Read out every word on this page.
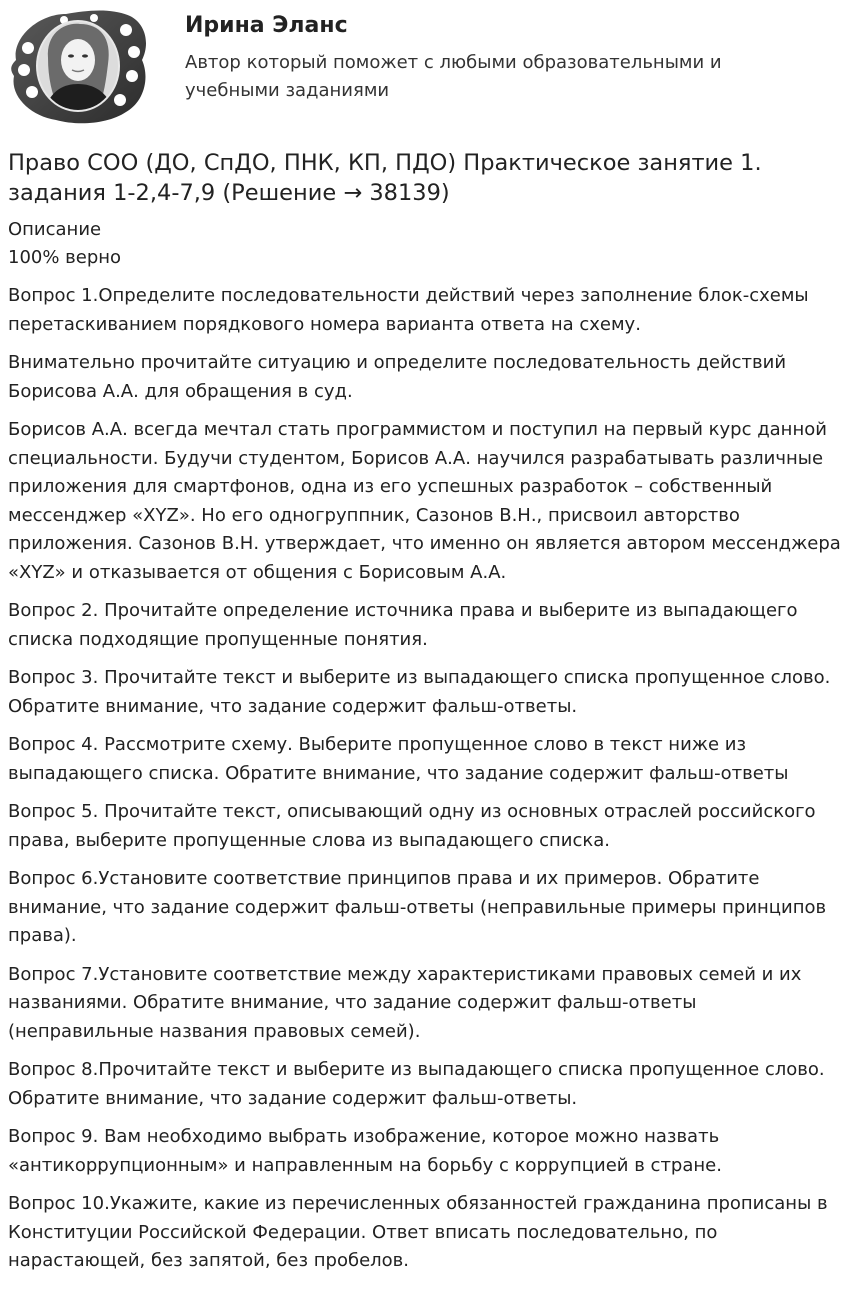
Ирина Эланс

Автор который поможет с любыми образовательными и учебными заданиями

Право СОО (ДО, СпДО, ПНК, КП, ПДО) Практическое занятие 1. задания 1-2,4-7,9 (Решение → 38139)
Описание
100% верно

Вопрос 1.Определите последовательности действий через заполнение блок-схемы перетаскиванием порядкового номера варианта ответа на схему.

Внимательно прочитайте ситуацию и определите последовательность действий Борисова А.А. для обращения в суд.

Борисов А.А. всегда мечтал стать программистом и поступил на первый курс данной специальности. Будучи студентом, Борисов А.А. научился разрабатывать различные приложения для смартфонов, одна из его успешных разработок – собственный мессенджер «XYZ». Но его одногруппник, Сазонов В.Н., присвоил авторство приложения. Сазонов В.Н. утверждает, что именно он является автором мессенджера «XYZ» и отказывается от общения с Борисовым А.А.

Вопрос 2. Прочитайте определение источника права и выберите из выпадающего списка подходящие пропущенные понятия.

Вопрос 3. Прочитайте текст и выберите из выпадающего списка пропущенное слово. Обратите внимание, что задание содержит фальш-ответы.

Вопрос 4. Рассмотрите схему. Выберите пропущенное слово в текст ниже из выпадающего списка. Обратите внимание, что задание содержит фальш-ответы

Вопрос 5. Прочитайте текст, описывающий одну из основных отраслей российского права, выберите пропущенные слова из выпадающего списка.

Вопрос 6.Установите соответствие принципов права и их примеров. Обратите внимание, что задание содержит фальш-ответы (неправильные примеры принципов права).

Вопрос 7.Установите соответствие между характеристиками правовых семей и их названиями. Обратите внимание, что задание содержит фальш-ответы (неправильные названия правовых семей).

Вопрос 8.Прочитайте текст и выберите из выпадающего списка пропущенное слово. Обратите внимание, что задание содержит фальш-ответы.

Вопрос 9. Вам необходимо выбрать изображение, которое можно назвать «антикоррупционным» и направленным на борьбу с коррупцией в стране.

Вопрос 10.Укажите, какие из перечисленных обязанностей гражданина прописаны в Конституции Российской Федерации. Ответ вписать последовательно, по нарастающей, без запятой, без пробелов.
